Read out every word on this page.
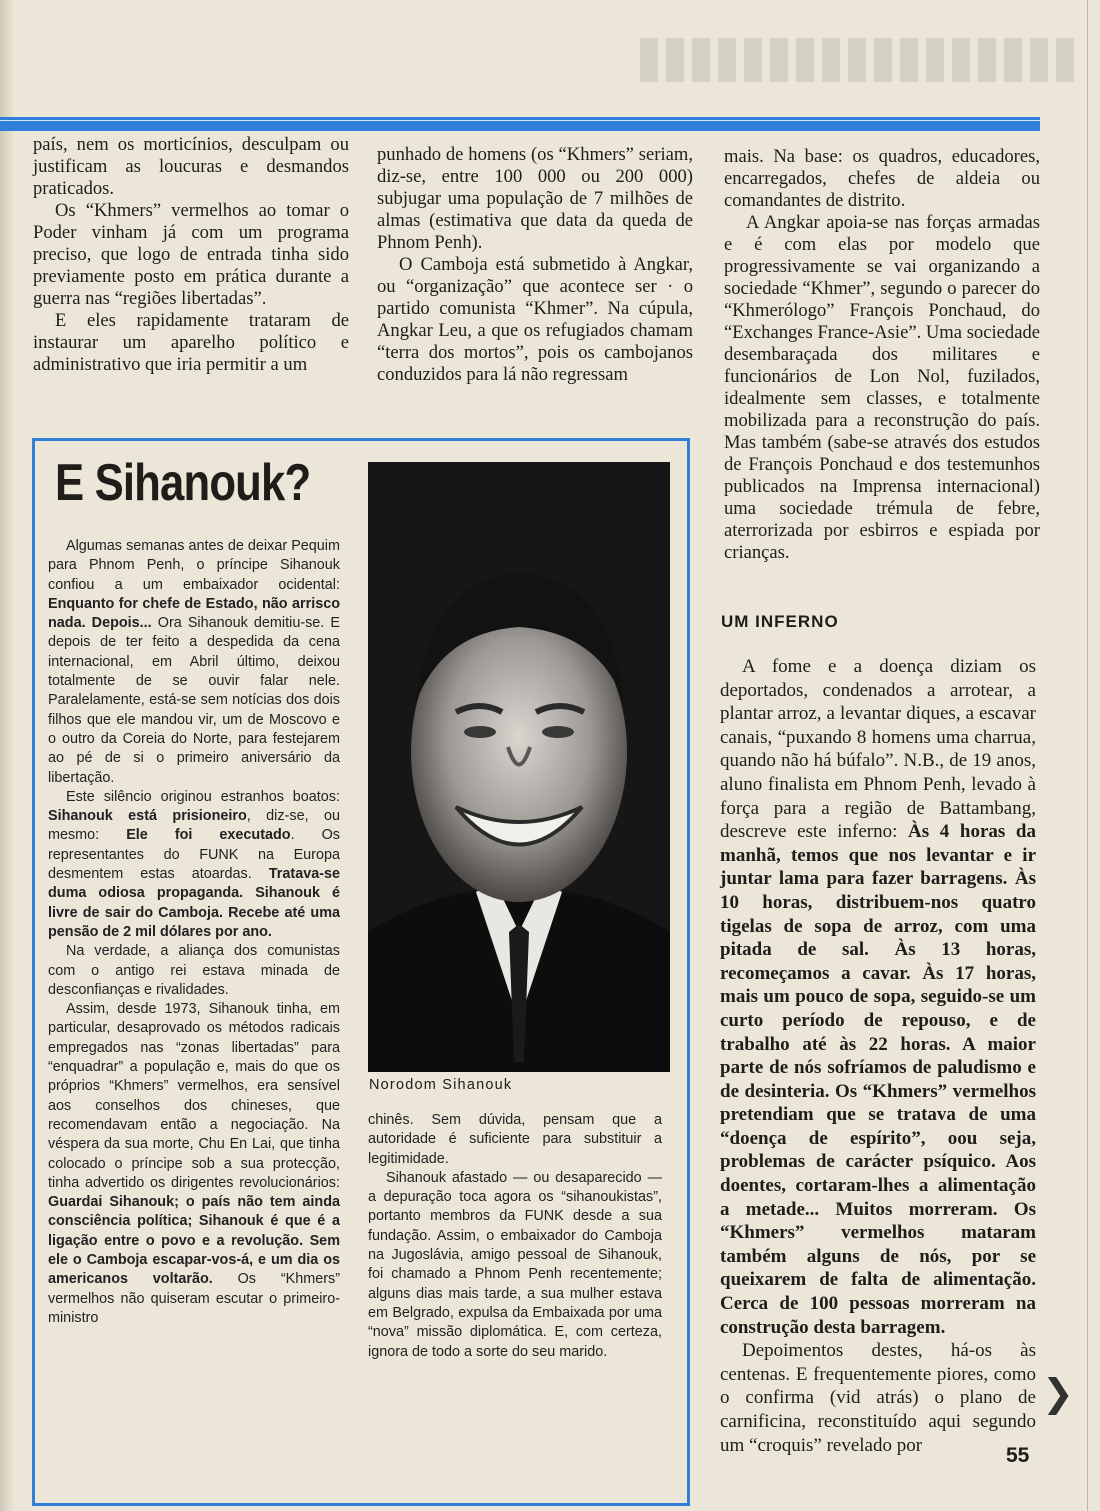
país, nem os morticínios, desculpam ou justificam as loucuras e desmandos praticados.

Os “Khmers” vermelhos ao tomar o Poder vinham já com um programa preciso, que logo de entrada tinha sido previamente posto em prática durante a guerra nas “regiões libertadas”.

E eles rapidamente trataram de instaurar um aparelho político e administrativo que iria permitir a um

punhado de homens (os “Khmers” seriam, diz-se, entre 100 000 ou 200 000) subjugar uma população de 7 milhões de almas (estimativa que data da queda de Phnom Penh).

O Camboja está submetido à Angkar, ou “organização” que acontece ser · o partido comunista “Khmer”. Na cúpula, Angkar Leu, a que os refugiados chamam “terra dos mortos”, pois os cambojanos conduzidos para lá não regressam

mais. Na base: os quadros, educadores, encarregados, chefes de aldeia ou comandantes de distrito.

A Angkar apoia-se nas forças armadas e é com elas por modelo que progressivamente se vai organizando a sociedade “Khmer”, segundo o parecer do “Khmerólogo” François Ponchaud, do “Exchanges France-Asie”. Uma sociedade desembaraçada dos militares e funcionários de Lon Nol, fuzilados, idealmente sem classes, e totalmente mobilizada para a reconstrução do país. Mas também (sabe-se através dos estudos de François Ponchaud e dos testemunhos publicados na Imprensa internacional) uma sociedade trémula de febre, aterrorizada por esbirros e espiada por crianças.

UM INFERNO

A fome e a doença diziam os deportados, condenados a arrotear, a plantar arroz, a levantar diques, a escavar canais, “puxando 8 homens uma charrua, quando não há búfalo”. N.B., de 19 anos, aluno finalista em Phnom Penh, levado à força para a região de Battambang, descreve este inferno: Às 4 horas da manhã, temos que nos levantar e ir juntar lama para fazer barragens. Às 10 horas, distribuem-nos quatro tigelas de sopa de arroz, com uma pitada de sal. Às 13 horas, recomeçamos a cavar. Às 17 horas, mais um pouco de sopa, seguido-se um curto período de repouso, e de trabalho até às 22 horas. A maior parte de nós sofríamos de paludismo e de desinteria. Os “Khmers” vermelhos pretendiam que se tratava de uma “doença de espírito”, oou seja, problemas de carácter psíquico. Aos doentes, cortaram-lhes a alimentação a metade... Muitos morreram. Os “Khmers” vermelhos mataram também alguns de nós, por se queixarem de falta de alimentação. Cerca de 100 pessoas morreram na construção desta barragem.

Depoimentos destes, há-os às centenas. E frequentemente piores, como o confirma (vid atrás) o plano de carnificina, reconstituído aqui segundo um “croquis” revelado por

E Sihanouk?
Norodom Sihanouk

Algumas semanas antes de deixar Pequim para Phnom Penh, o príncipe Sihanouk confiou a um embaixador ocidental: Enquanto for chefe de Estado, não arrisco nada. Depois... Ora Sihanouk demitiu-se. E depois de ter feito a despedida da cena internacional, em Abril último, deixou totalmente de se ouvir falar nele. Paralelamente, está-se sem notícias dos dois filhos que ele mandou vir, um de Moscovo e o outro da Coreia do Norte, para festejarem ao pé de si o primeiro aniversário da libertação.

Este silêncio originou estranhos boatos: Sihanouk está prisioneiro, diz-se, ou mesmo: Ele foi executado. Os representantes do FUNK na Europa desmentem estas atoardas. Tratava-se duma odiosa propaganda. Sihanouk é livre de sair do Camboja. Recebe até uma pensão de 2 mil dólares por ano.

Na verdade, a aliança dos comunistas com o antigo rei estava minada de desconfianças e rivalidades.

Assim, desde 1973, Sihanouk tinha, em particular, desaprovado os métodos radicais empregados nas “zonas libertadas” para “enquadrar” a população e, mais do que os próprios “Khmers” vermelhos, era sensível aos conselhos dos chineses, que recomendavam então a negociação. Na véspera da sua morte, Chu En Lai, que tinha colocado o príncipe sob a sua protecção, tinha advertido os dirigentes revolucionários: Guardai Sihanouk; o país não tem ainda consciência política; Sihanouk é que é a ligação entre o povo e a revolução. Sem ele o Camboja escapar-vos-á, e um dia os americanos voltarão. Os “Khmers” vermelhos não quiseram escutar o primeiro-ministro

chinês. Sem dúvida, pensam que a autoridade é suficiente para substituir a legitimidade.

Sihanouk afastado — ou desaparecido — a depuração toca agora os “sihanoukistas”, portanto membros da FUNK desde a sua fundação. Assim, o embaixador do Camboja na Jugoslávia, amigo pessoal de Sihanouk, foi chamado a Phnom Penh recentemente; alguns dias mais tarde, a sua mulher estava em Belgrado, expulsa da Embaixada por uma “nova” missão diplomática. E, com certeza, ignora de todo a sorte do seu marido.

❯
55
